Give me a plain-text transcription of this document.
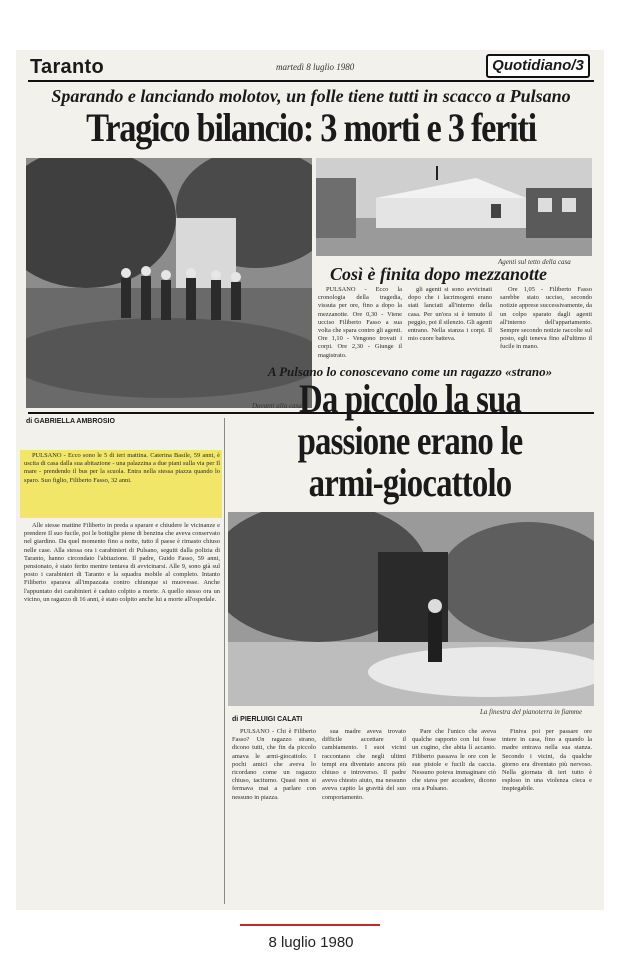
Taranto	martedì 8 luglio 1980	Quotidiano/3
Sparando e lanciando molotov, un folle tiene tutti in scacco a Pulsano
Tragico bilancio: 3 morti e 3 feriti
Agenti sul tetto della casa
Davanti alla casa
Così è finita dopo mezzanotte

PULSANO - Ecco la cronologia della tragedia, vissuta per ore, fino a dopo la mezzanotte. Ore 0,30 - Viene ucciso Filiberto Fasso a sua volta che spara contro gli agenti. Ore 1,10 - Vengono trovati i corpi. Ore 2,30 - Giunge il magistrato.

gli agenti si sono avvicinati dopo che i lacrimogeni erano stati lanciati all'interno della casa. Per un'ora si è temuto il peggio, poi il silenzio. Gli agenti entrano. Nella stanza i corpi. Il mio cuore batteva.

Ore 1,05 - Filiberto Fasso sarebbe stato ucciso, secondo notizie apprese successivamente, da un colpo sparato dagli agenti all'interno dell'appartamento. Sempre secondo notizie raccolte sul posto, egli teneva fino all'ultimo il fucile in mano.

di GABRIELLA AMBROSIO

PULSANO - Ecco sono le 5 di ieri mattina. Caterina Basile, 59 anni, è uscita di casa dalla sua abitazione - una palazzina a due piani sulla via per Il mare - prendendo il bus per la scuola. Entra nella stessa piazza quando lo sparo. Suo figlio, Filiberto Fasso, 32 anni.

Alle stesse mattine Filiberto in preda a sparare e chiudere le vicinanze e prendere Il suo fucile, poi le bottiglie piene di benzina che aveva conservato nel giardino. Da quel momento fino a notte, tutto il paese è rimasto chiuso nelle case. Alla stessa ora i carabinieri di Pulsano, seguiti dalla polizia di Taranto, hanno circondato l'abitazione. Il padre, Guido Fasso, 59 anni, pensionato, è stato ferito mentre tentava di avvicinarsi. Alle 9, sono già sul posto i carabinieri di Taranto e la squadra mobile al completo. Intanto Filiberto sparava all'impazzata contro chiunque si muovesse. Anche l'appuntato dei carabinieri è caduto colpito a morte. A quello stesso ora un vicino, un ragazzo di 16 anni, è stato colpito anche lui a morte all'ospedale.

A Pulsano lo conoscevano come un ragazzo «strano»
Da piccolo la sua passione erano le armi-giocattolo
La finestra del pianoterra in fiamme
di PIERLUIGI CALATI

PULSANO - Chi è Filiberto Fasso? Un ragazzo strano, dicono tutti, che fin da piccolo amava le armi-giocattolo. I pochi amici che aveva lo ricordano come un ragazzo chiuso, taciturno. Quasi non si fermava mai a parlare con nessuno in piazza.

sua madre aveva trovato difficile accettare il cambiamento. I suoi vicini raccontano che negli ultimi tempi era diventato ancora più chiuso e introverso. Il padre aveva chiesto aiuto, ma nessuno aveva capito la gravità del suo comportamento.

Pare che l'unico che aveva qualche rapporto con lui fosse un cugino, che abita lì accanto. Filiberto passava le ore con le sue pistole e fucili da caccia. Nessuno poteva immaginare ciò che stava per accadere, dicono ora a Pulsano.

Finiva poi per passare ore intere in casa, fino a quando la madre entrava nella sua stanza. Secondo i vicini, da qualche giorno era diventato più nervoso. Nella giornata di ieri tutto è esploso in una violenza cieca e inspiegabile.

8 luglio 1980
